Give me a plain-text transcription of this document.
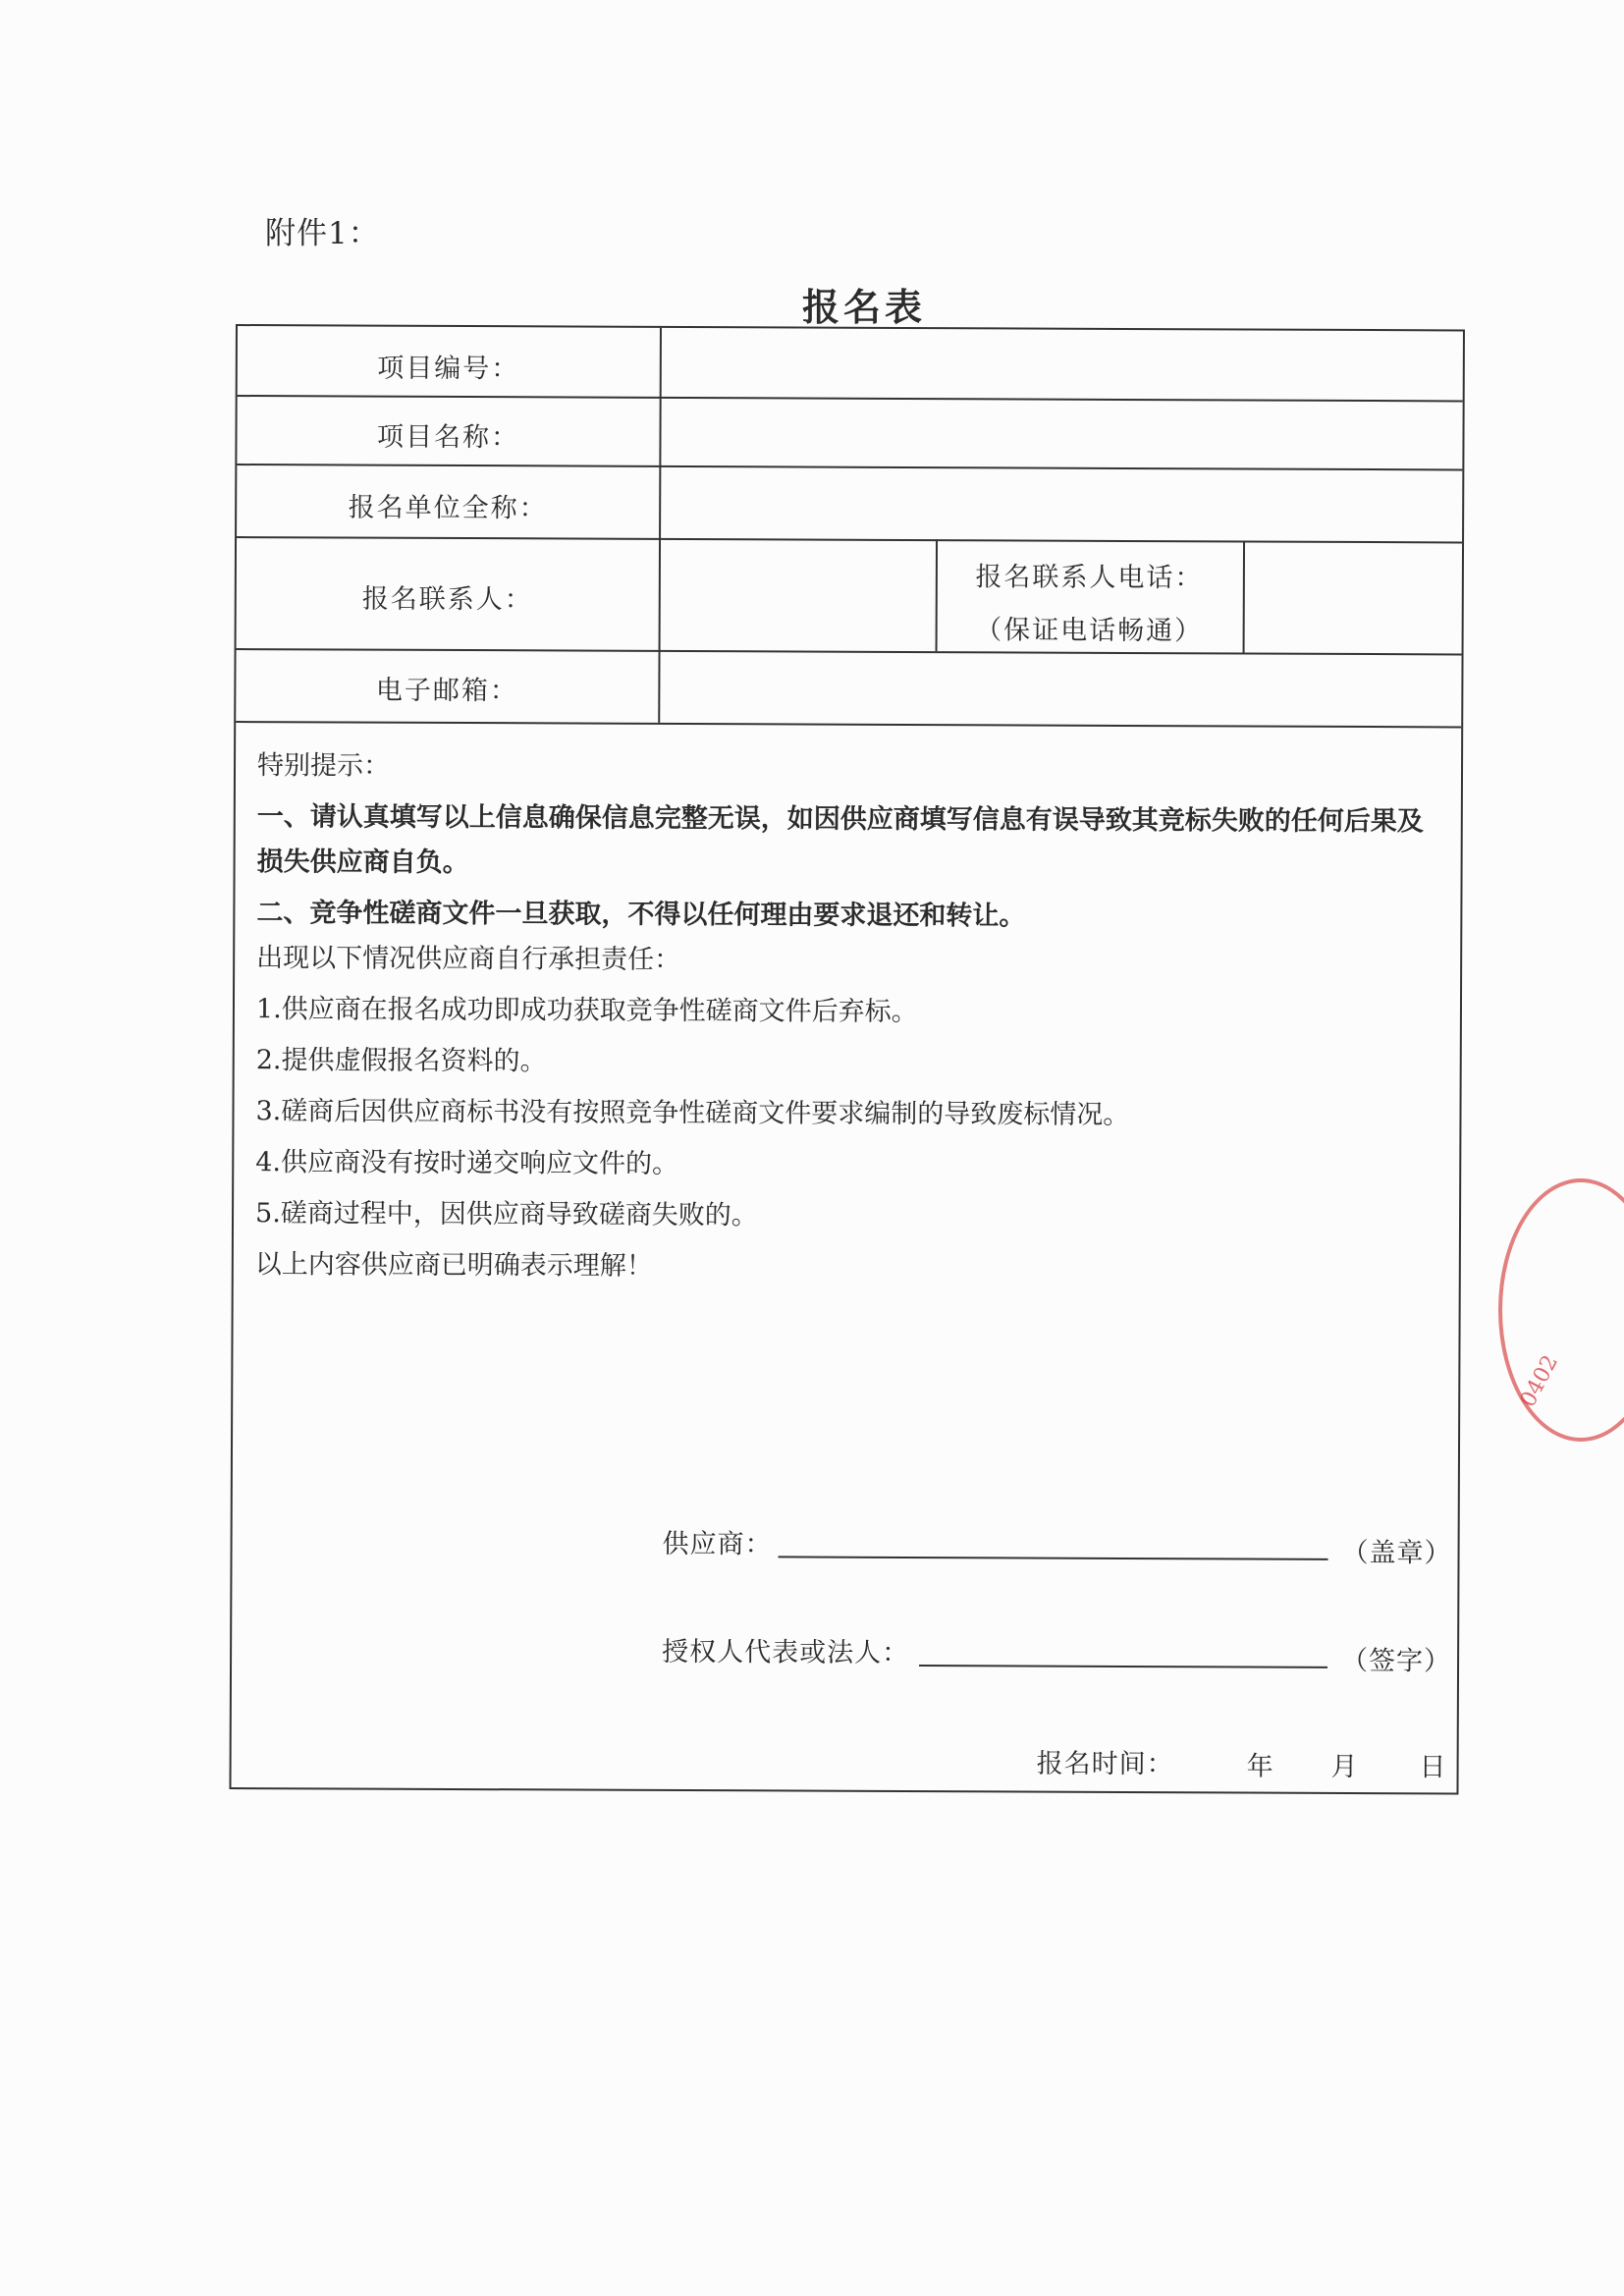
附件1：
报名表
项目编号：
项目名称：
报名单位全称：
报名联系人：
报名联系人电话：
（保证电话畅通）
电子邮箱：

特别提示：

一、请认真填写以上信息确保信息完整无误，如因供应商填写信息有误导致其竞标失败的任何后果及损失供应商自负。

二、竞争性磋商文件一旦获取，不得以任何理由要求退还和转让。

出现以下情况供应商自行承担责任：

1.供应商在报名成功即成功获取竞争性磋商文件后弃标。

2.提供虚假报名资料的。

3.磋商后因供应商标书没有按照竞争性磋商文件要求编制的导致废标情况。

4.供应商没有按时递交响应文件的。

5.磋商过程中，因供应商导致磋商失败的。

以上内容供应商已明确表示理解！

供应商：	（盖章）
授权人代表或法人：	（签字）
报名时间：	年 月 日
0402
